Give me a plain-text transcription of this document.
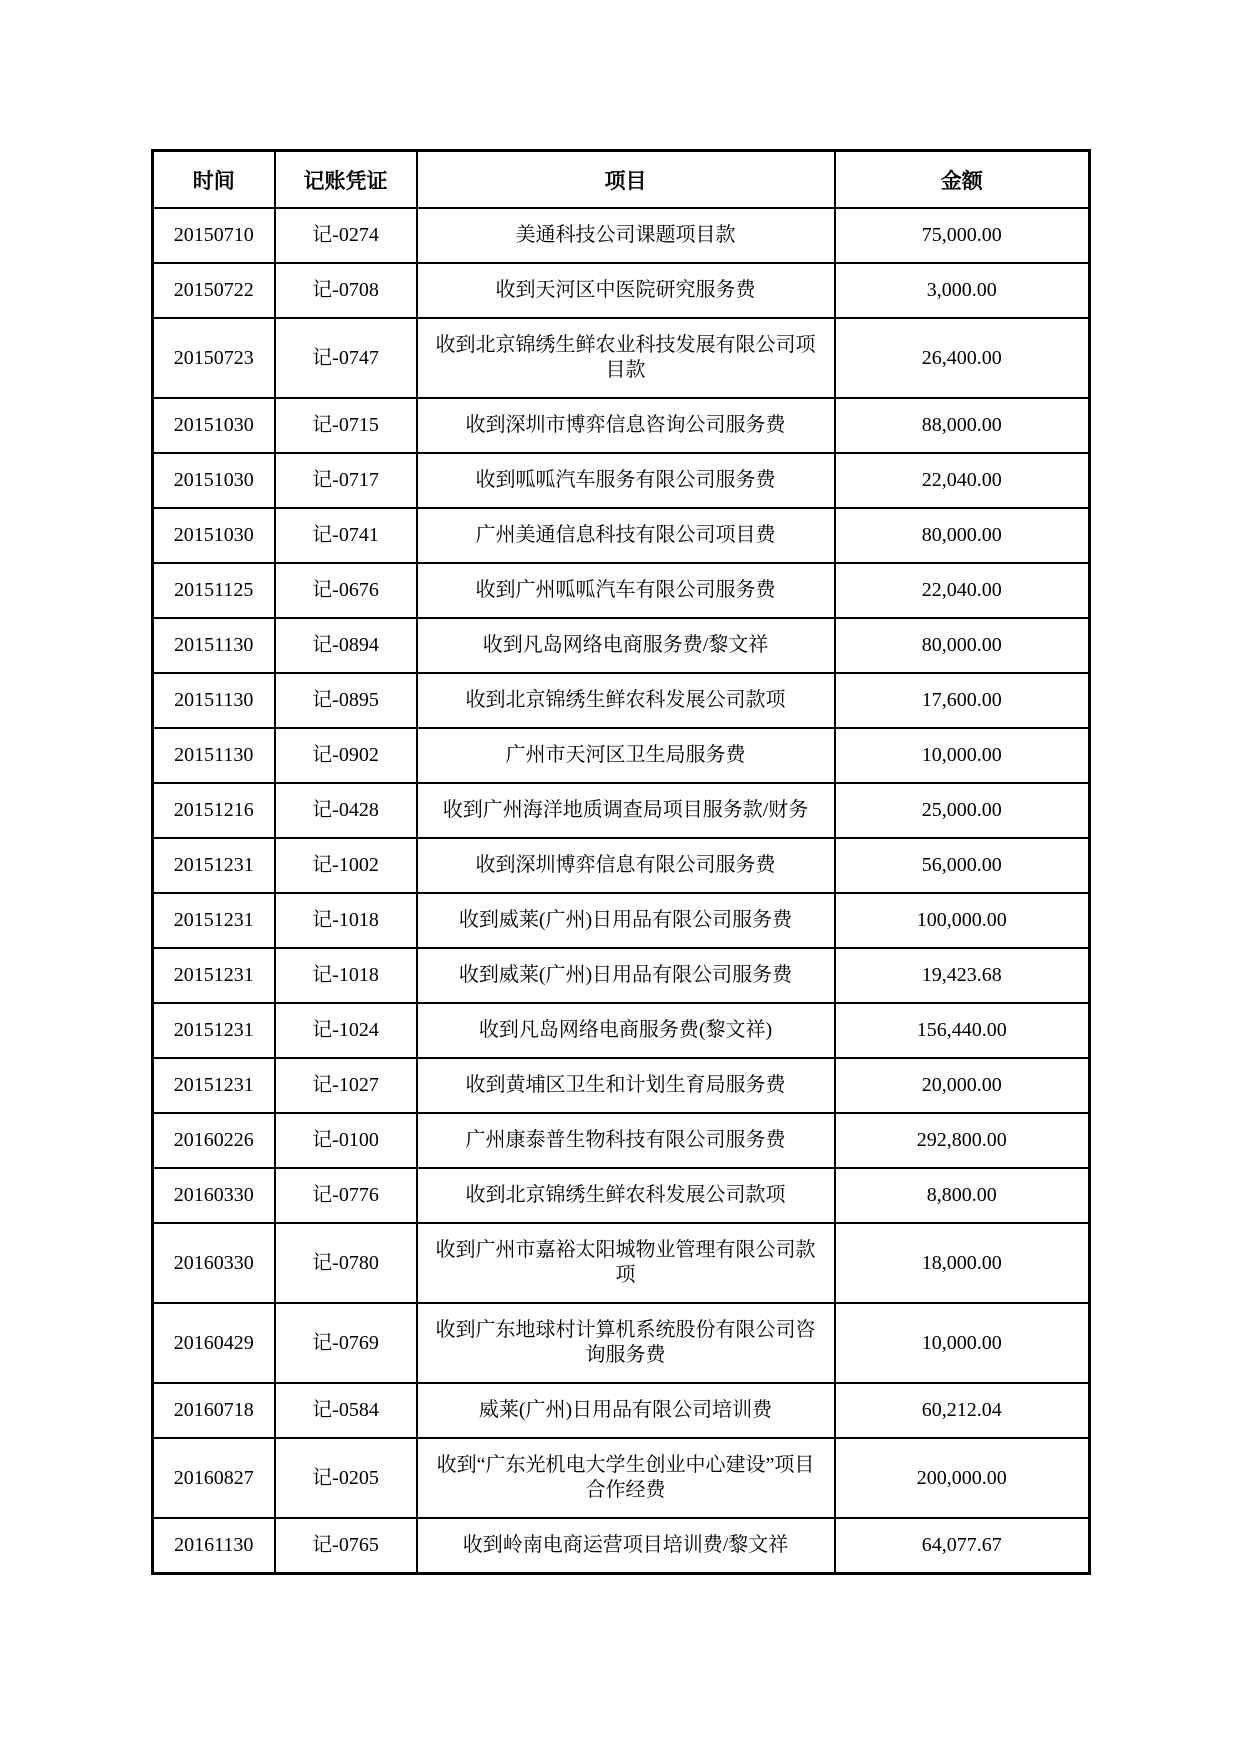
时间	记账凭证	项目	金额
20150710	记-0274	美通科技公司课题项目款	75,000.00
20150722	记-0708	收到天河区中医院研究服务费	3,000.00
20150723	记-0747	收到北京锦绣生鲜农业科技发展有限公司项目款	26,400.00
20151030	记-0715	收到深圳市博弈信息咨询公司服务费	88,000.00
20151030	记-0717	收到呱呱汽车服务有限公司服务费	22,040.00
20151030	记-0741	广州美通信息科技有限公司项目费	80,000.00
20151125	记-0676	收到广州呱呱汽车有限公司服务费	22,040.00
20151130	记-0894	收到凡岛网络电商服务费/黎文祥	80,000.00
20151130	记-0895	收到北京锦绣生鲜农科发展公司款项	17,600.00
20151130	记-0902	广州市天河区卫生局服务费	10,000.00
20151216	记-0428	收到广州海洋地质调查局项目服务款/财务	25,000.00
20151231	记-1002	收到深圳博弈信息有限公司服务费	56,000.00
20151231	记-1018	收到威莱(广州)日用品有限公司服务费	100,000.00
20151231	记-1018	收到威莱(广州)日用品有限公司服务费	19,423.68
20151231	记-1024	收到凡岛网络电商服务费(黎文祥)	156,440.00
20151231	记-1027	收到黄埔区卫生和计划生育局服务费	20,000.00
20160226	记-0100	广州康泰普生物科技有限公司服务费	292,800.00
20160330	记-0776	收到北京锦绣生鲜农科发展公司款项	8,800.00
20160330	记-0780	收到广州市嘉裕太阳城物业管理有限公司款项	18,000.00
20160429	记-0769	收到广东地球村计算机系统股份有限公司咨询服务费	10,000.00
20160718	记-0584	威莱(广州)日用品有限公司培训费	60,212.04
20160827	记-0205	收到“广东光机电大学生创业中心建设”项目合作经费	200,000.00
20161130	记-0765	收到岭南电商运营项目培训费/黎文祥	64,077.67
